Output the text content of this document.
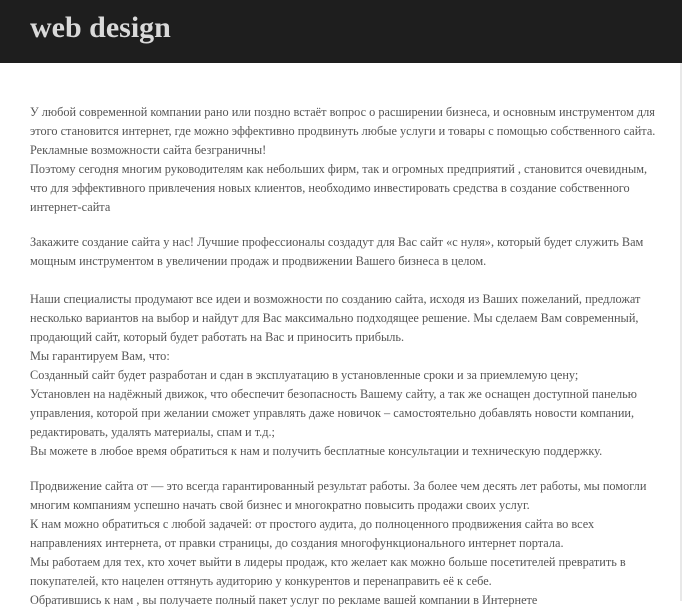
web design
У любой современной компании рано или поздно встаёт вопрос о расширении бизнеса, и основным инструментом для
этого становится интернет, где можно эффективно продвинуть любые услуги и товары с помощью собственного сайта.
Рекламные возможности сайта безграничны!
Поэтому сегодня многим руководителям как небольших фирм, так и огромных предприятий , становится очевидным,
что для эффективного привлечения новых клиентов, необходимо инвестировать средства в создание собственного
интернет-сайта
Закажите создание сайта у нас! Лучшие профессионалы создадут для Вас сайт «с нуля», который будет служить Вам
мощным инструментом в увеличении продаж и продвижении Вашего бизнеса в целом.
Наши специалисты продумают все идеи и возможности по созданию сайта, исходя из Ваших пожеланий, предложат
несколько вариантов на выбор и найдут для Вас максимально подходящее решение. Мы сделаем Вам современный,
продающий сайт, который будет работать на Вас и приносить прибыль.
Мы гарантируем Вам, что:
Созданный сайт будет разработан и сдан в эксплуатацию в установленные сроки и за приемлемую цену;
Установлен на надёжный движок, что обеспечит безопасность Вашему сайту, а так же оснащен доступной панелью
управления, которой при желании сможет управлять даже новичок – самостоятельно добавлять новости компании,
редактировать, удалять материалы, спам и т.д.;
Вы можете в любое время обратиться к нам и получить бесплатные консультации и техническую поддержку.
Продвижение сайта от — это всегда гарантированный результат работы. За более чем десять лет работы, мы помогли
многим компаниям успешно начать свой бизнес и многократно повысить продажи своих услуг.
К нам можно обратиться с любой задачей: от простого аудита, до полноценного продвижения сайта во всех
направлениях интернета, от правки страницы, до создания многофункционального интернет портала.
Мы работаем для тех, кто хочет выйти в лидеры продаж, кто желает как можно больше посетителей превратить в
покупателей, кто нацелен оттянуть аудиторию у конкурентов и перенаправить её к себе.
Обратившись к нам , вы получаете полный пакет услуг по рекламе вашей компании в Интернете
